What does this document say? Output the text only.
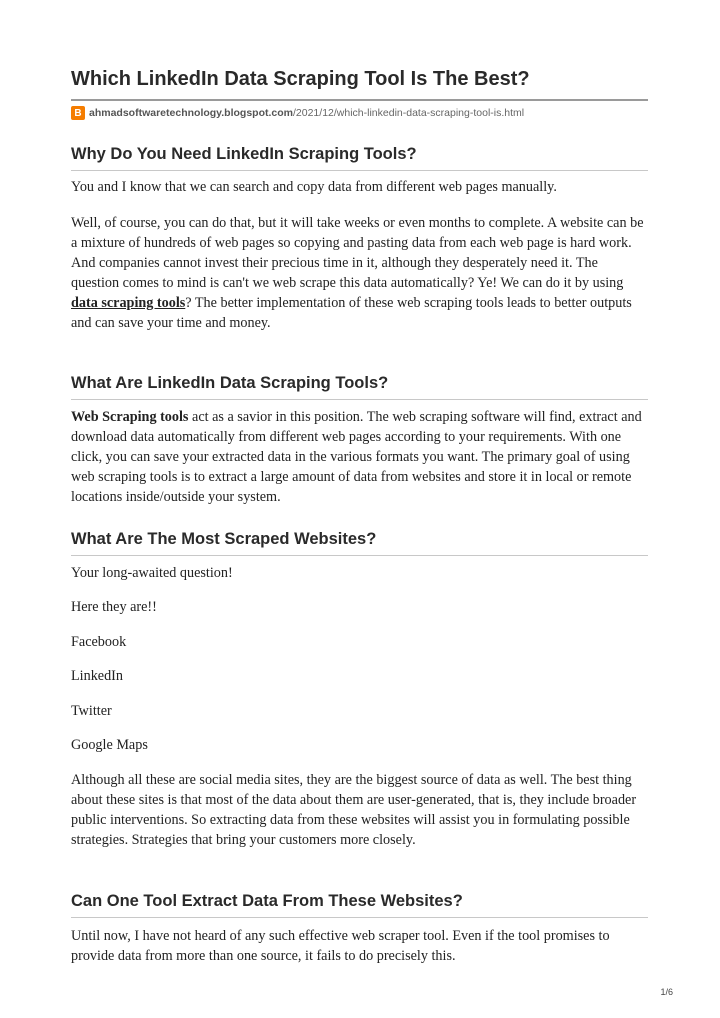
Which LinkedIn Data Scraping Tool Is The Best?
B ahmadsoftwaretechnology.blogspot.com /2021/12/which-linkedin-data-scraping-tool-is.html
Why Do You Need LinkedIn Scraping Tools?

You and I know that we can search and copy data from different web pages manually.

Well, of course, you can do that, but it will take weeks or even months to complete. A website can be a mixture of hundreds of web pages so copying and pasting data from each web page is hard work. And companies cannot invest their precious time in it, although they desperately need it. The question comes to mind is can't we web scrape this data automatically? Ye! We can do it by using data scraping tools? The better implementation of these web scraping tools leads to better outputs and can save your time and money.

What Are LinkedIn Data Scraping Tools?

Web Scraping tools act as a savior in this position. The web scraping software will find, extract and download data automatically from different web pages according to your requirements. With one click, you can save your extracted data in the various formats you want. The primary goal of using web scraping tools is to extract a large amount of data from websites and store it in local or remote locations inside/outside your system.

What Are The Most Scraped Websites?

Your long-awaited question!

Here they are!!

Facebook

LinkedIn

Twitter

Google Maps

Although all these are social media sites, they are the biggest source of data as well. The best thing about these sites is that most of the data about them are user-generated, that is, they include broader public interventions. So extracting data from these websites will assist you in formulating possible strategies. Strategies that bring your customers more closely.

Can One Tool Extract Data From These Websites?

Until now, I have not heard of any such effective web scraper tool. Even if the tool promises to provide data from more than one source, it fails to do precisely this.

1/6
